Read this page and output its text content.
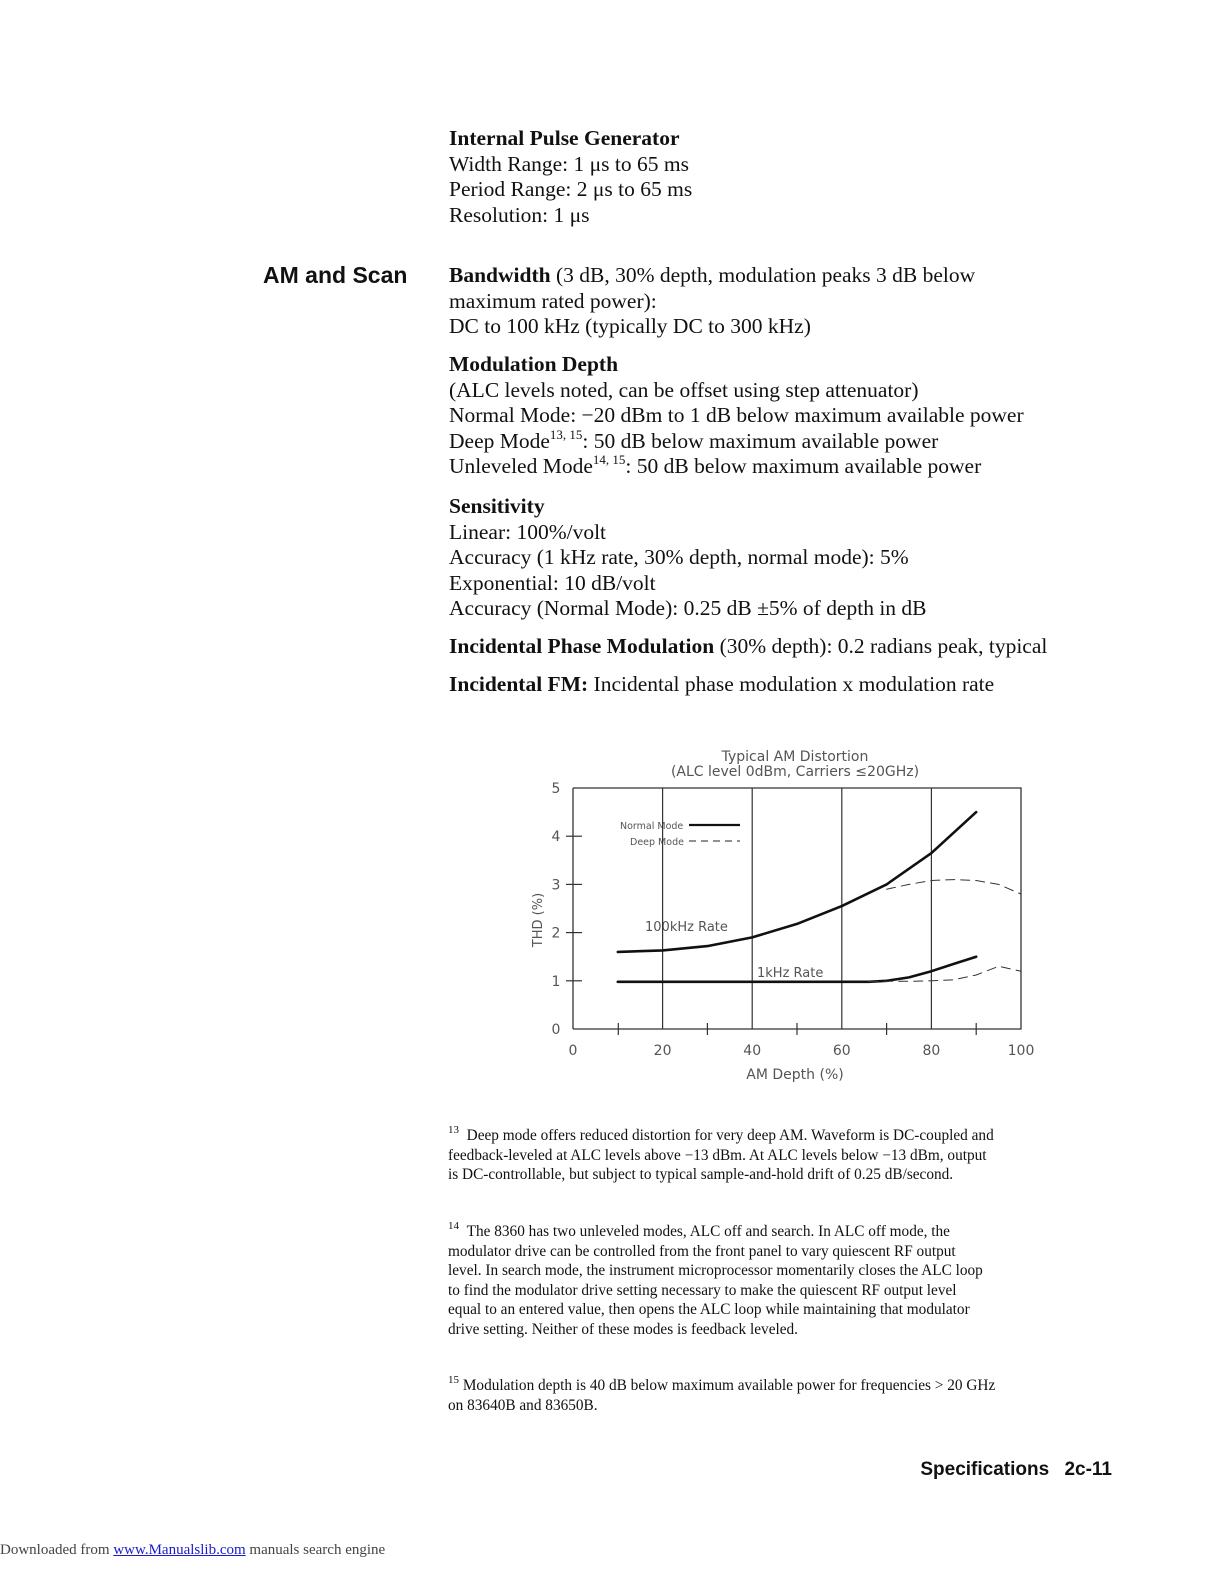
Internal Pulse Generator
Width Range: 1 μs to 65 ms
Period Range: 2 μs to 65 ms
Resolution: 1 μs
AM and Scan Bandwidth (3 dB, 30% depth, modulation peaks 3 dB below
maximum rated power):
DC to 100 kHz (typically DC to 300 kHz)
Modulation Depth
(ALC levels noted, can be offset using step attenuator)
Normal Mode: −20 dBm to 1 dB below maximum available power
Deep Mode$^{13, 15}$: 50 dB below maximum available power
Unleveled Mode$^{14, 15}$: 50 dB below maximum available power
Sensitivity
Linear: 100%/volt
Accuracy (1 kHz rate, 30% depth, normal mode): 5%
Exponential: 10 dB/volt
Accuracy (Normal Mode): 0.25 dB ±5% of depth in dB
Incidental Phase Modulation (30% depth): 0.2 radians peak, typical
Incidental FM: Incidental phase modulation x modulation rate
Typical AM Distortion
(ALC level 0dBm, Carriers ≤20GHz)
AM Depth (%)
THD (%)
Normal Mode
Deep Mode
100kHz Rate
1kHz Rate
0	20	40	60	80	100
0
1
2
3
4
5
$^{13}$ Deep mode offers reduced distortion for very deep AM. Waveform is DC-coupled and
feedback-leveled at ALC levels above −13 dBm. At ALC levels below −13 dBm, output
is DC-controllable, but subject to typical sample-and-hold drift of 0.25 dB/second.
$^{14}$ The 8360 has two unleveled modes, ALC off and search. In ALC off mode, the
modulator drive can be controlled from the front panel to vary quiescent RF output
level. In search mode, the instrument microprocessor momentarily closes the ALC loop
to find the modulator drive setting necessary to make the quiescent RF output level
equal to an entered value, then opens the ALC loop while maintaining that modulator
drive setting. Neither of these modes is feedback leveled.
$^{15}$ Modulation depth is 40 dB below maximum available power for frequencies > 20 GHz
on 83640B and 83650B.
Specifications 2c-11
Downloaded from www.Manualslib.com manuals search engine
